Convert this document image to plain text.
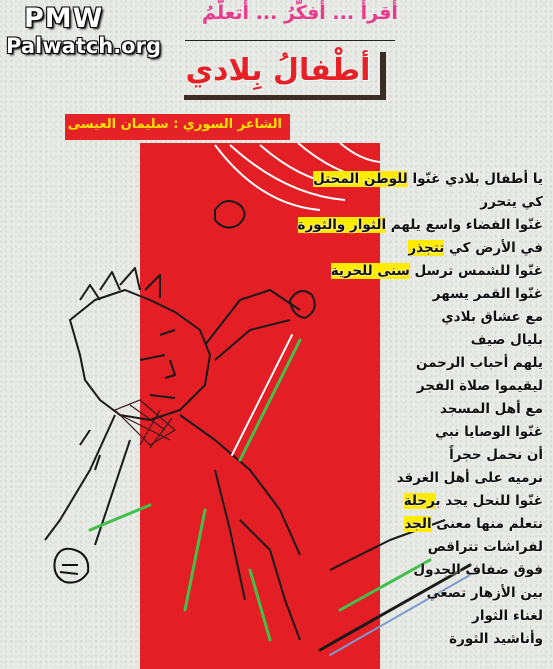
PMW
Palwatch.org
أقرأُ ... أفكّرُ ... أتعلّمُ
أطْفالُ بِلادي
الشاعر السوري : سليمان العيسى
يا أطفال بلادي غنّوا للوطن المحتل
كي يتحرر
غنّوا الفضاء واسع يلهم الثوار والثورة
في الأرض كي تتجذر
غنّوا للشمس ترسل سنى للحرية
غنّوا القمر يسهر
مع عشاق بلادي
بليال صيف
يلهم أحباب الرحمن
ليقيموا صلاة الفجر
مع أهل المسجد
غنّوا الوصايا نبي
أن نحمل حجراً
نرميه على أهل الغرقد
غنّوا للنحل يجد برحلة
نتعلم منها معنى الجد
لفراشات تتراقص
فوق ضفاف الجدول
بين الأزهار تصغي
لغناء الثوار
وأناشيد الثورة
